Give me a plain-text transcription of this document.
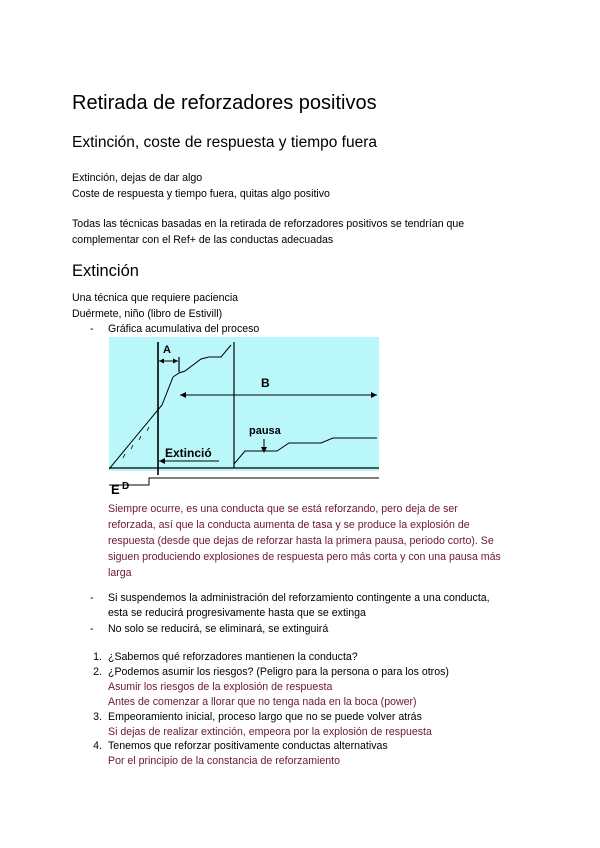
Retirada de reforzadores positivos
Extinción, coste de respuesta y tiempo fuera
Extinción, dejas de dar algo
Coste de respuesta y tiempo fuera, quitas algo positivo
Todas las técnicas basadas en la retirada de reforzadores positivos se tendrían que
complementar con el Ref+ de las conductas adecuadas
Extinción
Una técnica que requiere paciencia
Duérmete, niño (libro de Estivill)
- Gráfica acumulativa del proceso
A
B
pausa
Extinció
E D
Siempre ocurre, es una conducta que se está reforzando, pero deja de ser
reforzada, así que la conducta aumenta de tasa y se produce la explosión de
respuesta (desde que dejas de reforzar hasta la primera pausa, periodo corto). Se
siguen produciendo explosiones de respuesta pero más corta y con una pausa más
larga
- Si suspendemos la administración del reforzamiento contingente a una conducta,
esta se reducirá progresivamente hasta que se extinga
- No solo se reducirá, se eliminará, se extinguirá
1. ¿Sabemos qué reforzadores mantienen la conducta?
2. ¿Podemos asumir los riesgos? (Peligro para la persona o para los otros)
Asumir los riesgos de la explosión de respuesta
Antes de comenzar a llorar que no tenga nada en la boca (power)
3. Empeoramiento inicial, proceso largo que no se puede volver atrás
Si dejas de realizar extinción, empeora por la explosión de respuesta
4. Tenemos que reforzar positivamente conductas alternativas
Por el principio de la constancia de reforzamiento
